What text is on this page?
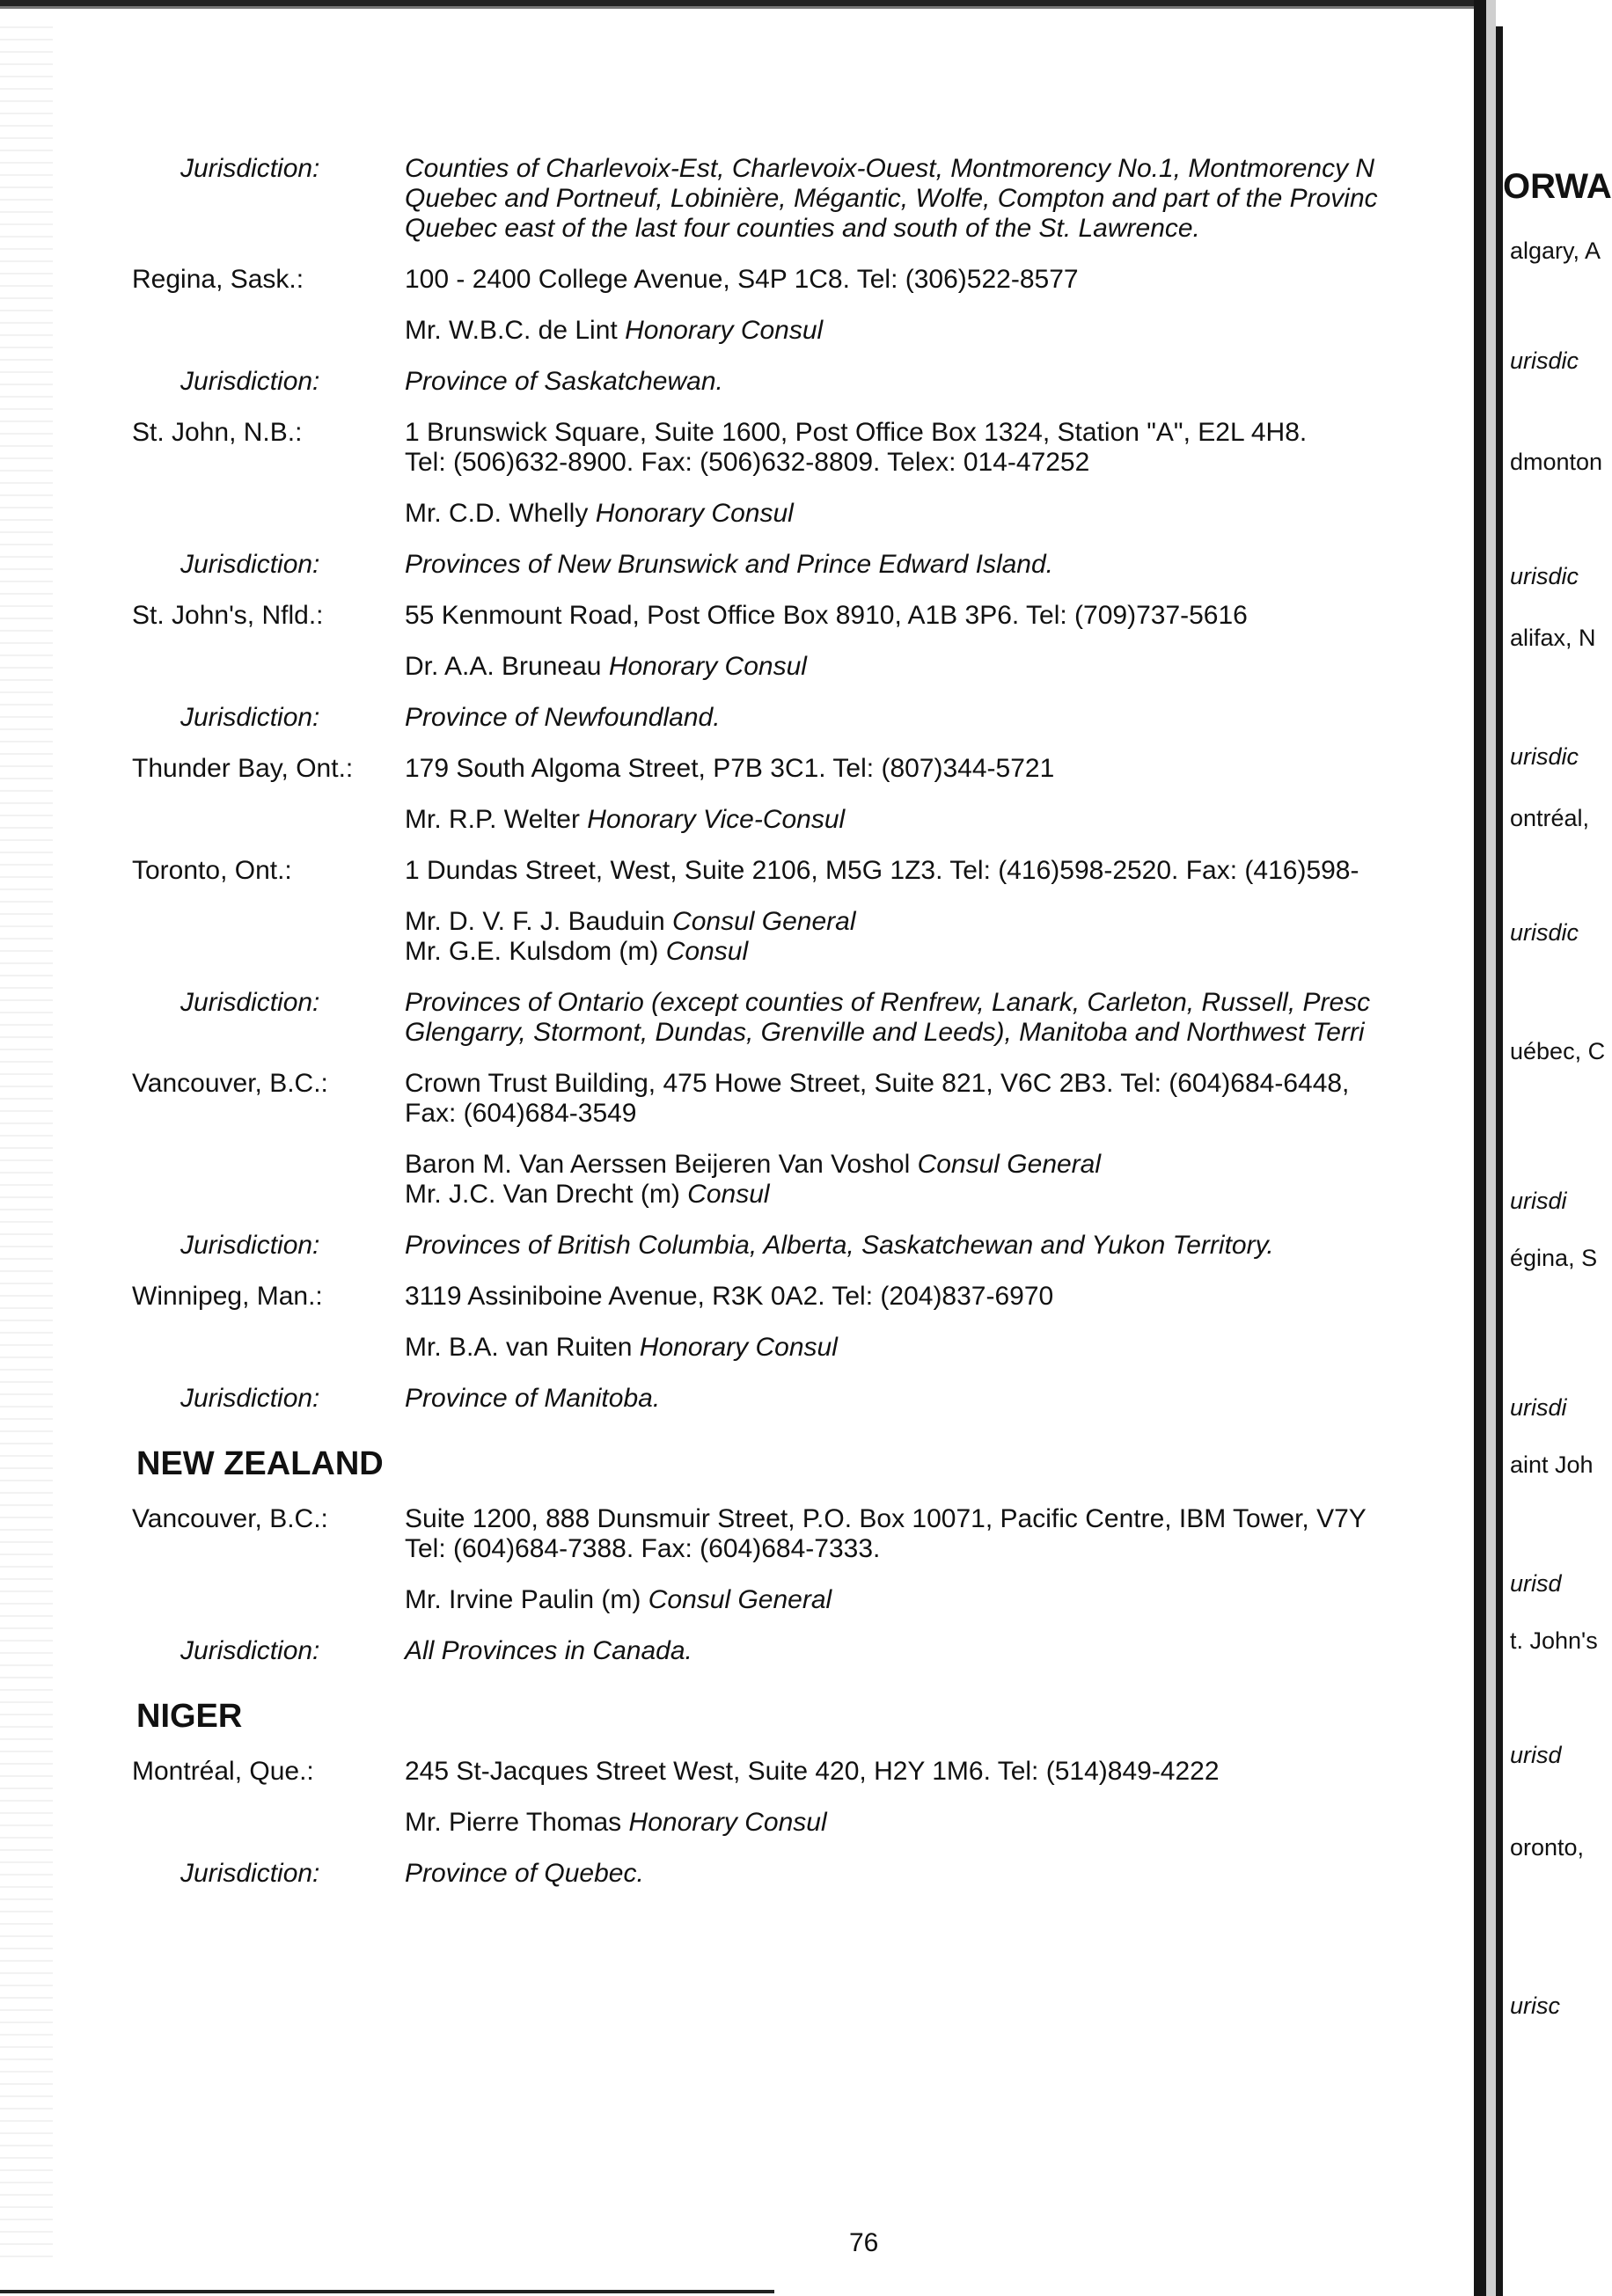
ORWA
algary, A
urisdic
dmonton
urisdic
alifax, N
urisdic
ontréal,
urisdic
uébec, C
urisdi
égina, S
urisdi
aint Joh
urisd
t. John's
urisd
oronto,
urisc
Jurisdiction:	Counties of Charlevoix-Est, Charlevoix-Ouest, Montmorency No.1, Montmorency N
Quebec and Portneuf, Lobinière, Mégantic, Wolfe, Compton and part of the Provinc
Quebec east of the last four counties and south of the St. Lawrence.
Regina, Sask.:	100 - 2400 College Avenue, S4P 1C8. Tel: (306)522-8577
Mr. W.B.C. de Lint Honorary Consul
Jurisdiction:	Province of Saskatchewan.
St. John, N.B.:	1 Brunswick Square, Suite 1600, Post Office Box 1324, Station "A", E2L 4H8.
Tel: (506)632-8900. Fax: (506)632-8809. Telex: 014-47252
Mr. C.D. Whelly Honorary Consul
Jurisdiction:	Provinces of New Brunswick and Prince Edward Island.
St. John's, Nfld.:	55 Kenmount Road, Post Office Box 8910, A1B 3P6. Tel: (709)737-5616
Dr. A.A. Bruneau Honorary Consul
Jurisdiction:	Province of Newfoundland.
Thunder Bay, Ont.:	179 South Algoma Street, P7B 3C1. Tel: (807)344-5721
Mr. R.P. Welter Honorary Vice-Consul
Toronto, Ont.:	1 Dundas Street, West, Suite 2106, M5G 1Z3. Tel: (416)598-2520. Fax: (416)598-
Mr. D. V. F. J. Bauduin Consul General
Mr. G.E. Kulsdom (m) Consul
Jurisdiction:	Provinces of Ontario (except counties of Renfrew, Lanark, Carleton, Russell, Presc
Glengarry, Stormont, Dundas, Grenville and Leeds), Manitoba and Northwest Terri
Vancouver, B.C.:	Crown Trust Building, 475 Howe Street, Suite 821, V6C 2B3. Tel: (604)684-6448,
Fax: (604)684-3549
Baron M. Van Aerssen Beijeren Van Voshol Consul General
Mr. J.C. Van Drecht (m) Consul
Jurisdiction:	Provinces of British Columbia, Alberta, Saskatchewan and Yukon Territory.
Winnipeg, Man.:	3119 Assiniboine Avenue, R3K 0A2. Tel: (204)837-6970
Mr. B.A. van Ruiten Honorary Consul
Jurisdiction:	Province of Manitoba.
NEW ZEALAND
Vancouver, B.C.:	Suite 1200, 888 Dunsmuir Street, P.O. Box 10071, Pacific Centre, IBM Tower, V7Y
Tel: (604)684-7388. Fax: (604)684-7333.
Mr. Irvine Paulin (m) Consul General
Jurisdiction:	All Provinces in Canada.
NIGER
Montréal, Que.:	245 St-Jacques Street West, Suite 420, H2Y 1M6. Tel: (514)849-4222
Mr. Pierre Thomas Honorary Consul
Jurisdiction:	Province of Quebec.
76
